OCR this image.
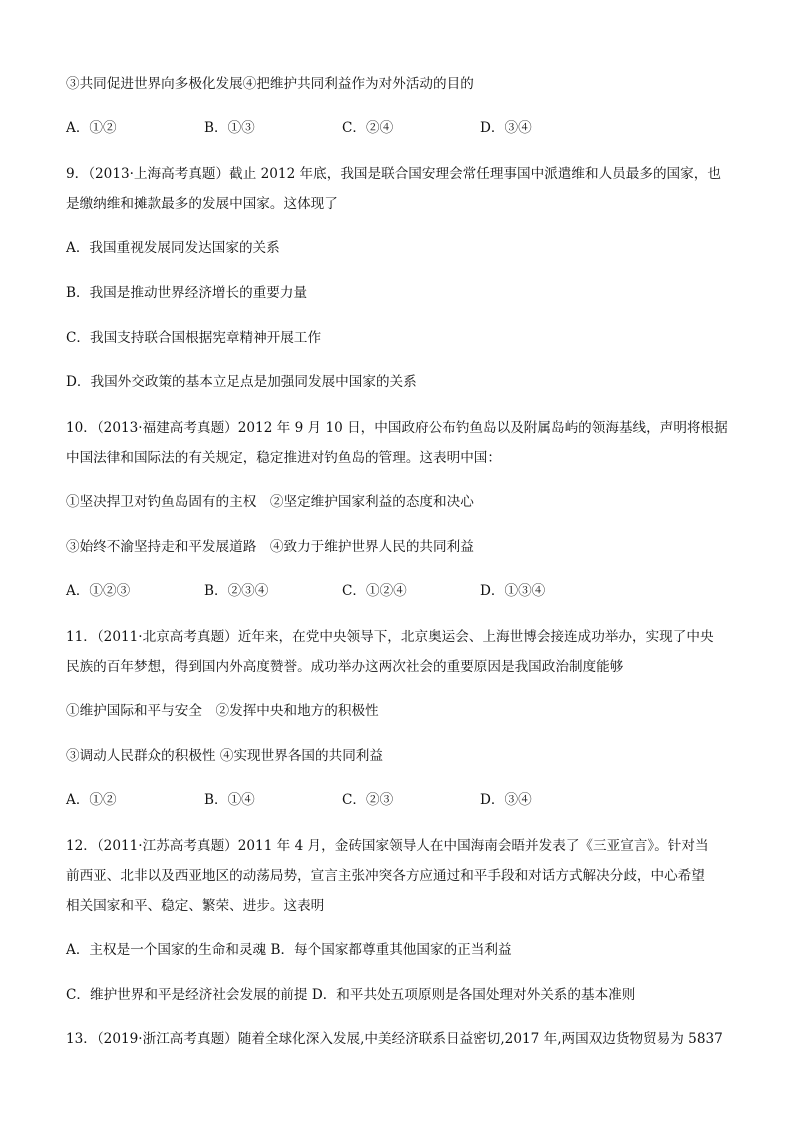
③共同促进世界向多极化发展④把维护共同利益作为对外活动的目的
A．①②	B．①③	C．②④	D．③④
9．（2013·上海高考真题）截止 2012 年底，我国是联合国安理会常任理事国中派遣维和人员最多的国家，也
是缴纳维和摊款最多的发展中国家。这体现了
A．我国重视发展同发达国家的关系
B．我国是推动世界经济增长的重要力量
C．我国支持联合国根据宪章精神开展工作
D．我国外交政策的基本立足点是加强同发展中国家的关系
10．（2013·福建高考真题）2012 年 9 月 10 日，中国政府公布钓鱼岛以及附属岛屿的领海基线，声明将根据
中国法律和国际法的有关规定，稳定推进对钓鱼岛的管理。这表明中国：
①坚决捍卫对钓鱼岛固有的主权　②坚定维护国家利益的态度和决心
③始终不渝坚持走和平发展道路　④致力于维护世界人民的共同利益
A．①②③	B．②③④	C．①②④	D．①③④
11．（2011·北京高考真题）近年来，在党中央领导下，北京奥运会、上海世博会接连成功举办，实现了中央
民族的百年梦想，得到国内外高度赞誉。成功举办这两次社会的重要原因是我国政治制度能够
①维护国际和平与安全　②发挥中央和地方的积极性
③调动人民群众的积极性 ④实现世界各国的共同利益
A．①②	B．①④	C．②③	D．③④
12．（2011·江苏高考真题）2011 年 4 月，金砖国家领导人在中国海南会晤并发表了《三亚宣言》。针对当
前西亚、北非以及西亚地区的动荡局势，宣言主张冲突各方应通过和平手段和对话方式解决分歧，中心希望
相关国家和平、稳定、繁荣、进步。这表明
A．主权是一个国家的生命和灵魂 B．每个国家都尊重其他国家的正当利益
C．维护世界和平是经济社会发展的前提 D．和平共处五项原则是各国处理对外关系的基本准则
13．（2019·浙江高考真题）随着全球化深入发展,中美经济联系日益密切,2017 年,两国双边货物贸易为 5837
